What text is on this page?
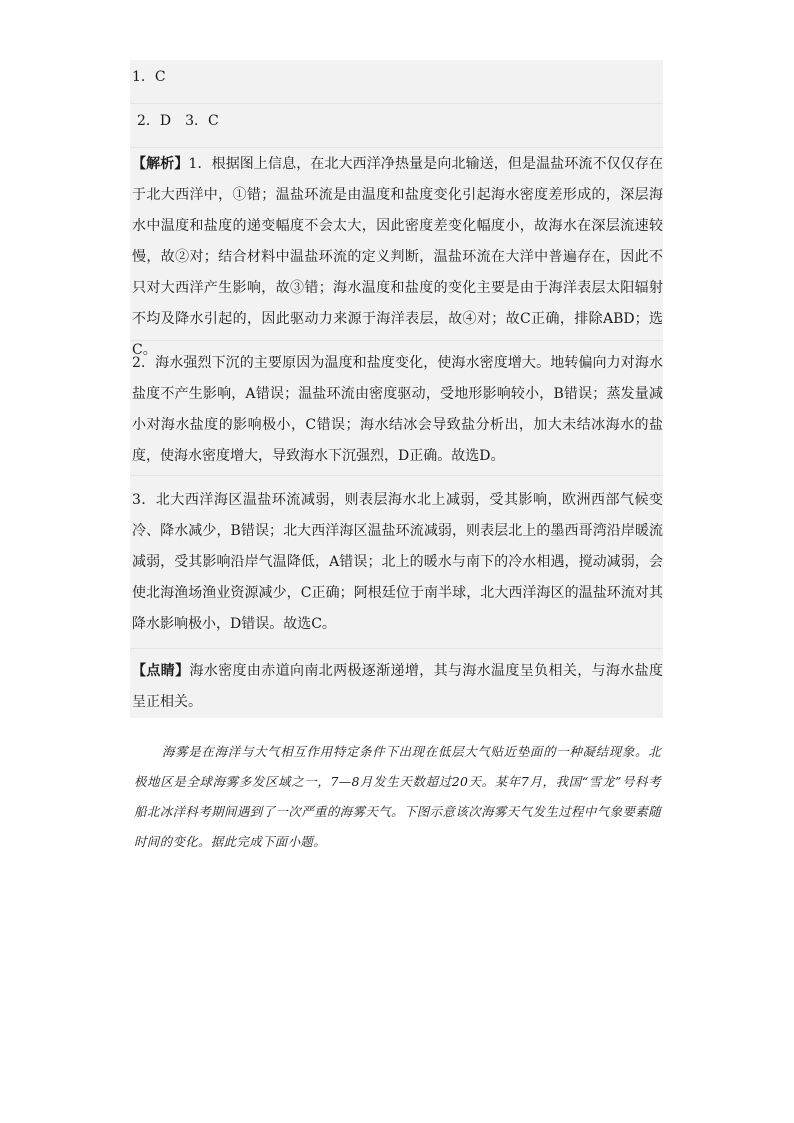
1．C
2．D　3．C

【解析】1．根据图上信息，在北大西洋净热量是向北输送，但是温盐环流不仅仅存在于北大西洋中，①错；温盐环流是由温度和盐度变化引起海水密度差形成的，深层海水中温度和盐度的递变幅度不会太大，因此密度差变化幅度小，故海水在深层流速较慢，故②对；结合材料中温盐环流的定义判断，温盐环流在大洋中普遍存在，因此不只对大西洋产生影响，故③错；海水温度和盐度的变化主要是由于海洋表层太阳辐射不均及降水引起的，因此驱动力来源于海洋表层，故④对；故C正确，排除ABD；选C。

2．海水强烈下沉的主要原因为温度和盐度变化，使海水密度增大。地转偏向力对海水盐度不产生影响，A错误；温盐环流由密度驱动，受地形影响较小，B错误；蒸发量减小对海水盐度的影响极小，C错误；海水结冰会导致盐分析出，加大未结冰海水的盐度，使海水密度增大，导致海水下沉强烈，D正确。故选D。

3．北大西洋海区温盐环流减弱，则表层海水北上减弱，受其影响，欧洲西部气候变冷、降水减少，B错误；北大西洋海区温盐环流减弱，则表层北上的墨西哥湾沿岸暖流减弱，受其影响沿岸气温降低，A错误；北上的暖水与南下的冷水相遇，搅动减弱，会使北海渔场渔业资源减少，C正确；阿根廷位于南半球，北大西洋海区的温盐环流对其降水影响极小，D错误。故选C。

【点睛】海水密度由赤道向南北两极逐渐递增，其与海水温度呈负相关，与海水盐度呈正相关。

海雾是在海洋与大气相互作用特定条件下出现在低层大气贴近垫面的一种凝结现象。北极地区是全球海雾多发区域之一，7—8月发生天数超过20天。某年7月，我国“雪龙”号科考船北冰洋科考期间遇到了一次严重的海雾天气。下图示意该次海雾天气发生过程中气象要素随时间的变化。据此完成下面小题。
